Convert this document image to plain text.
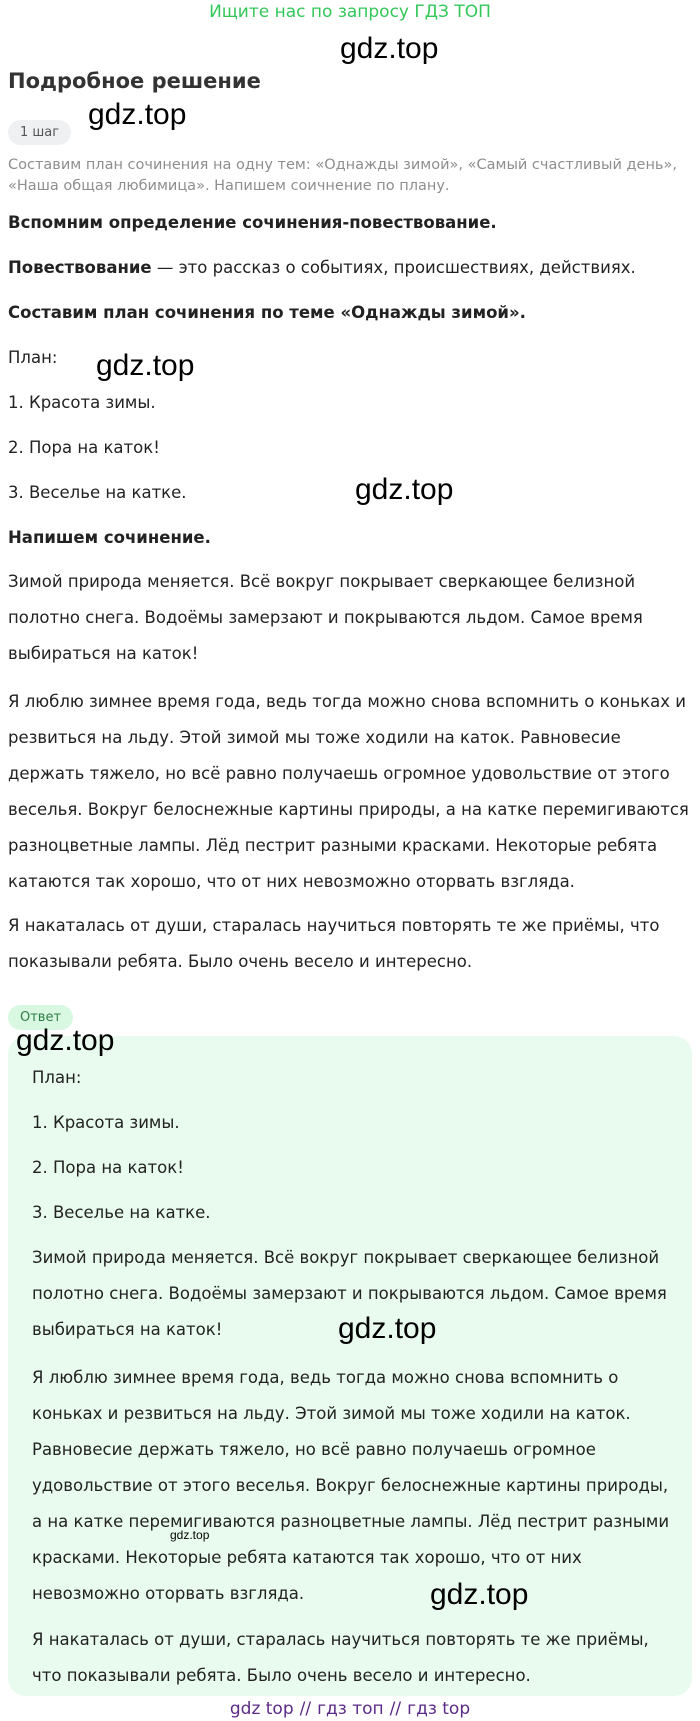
Ищите нас по запросу ГДЗ ТОП
gdz.top
gdz.top
gdz.top
gdz.top
Подробное решение
1 шаг

Составим план сочинения на одну тем: «Однажды зимой», «Самый счастливый день», «Наша общая любимица». Напишем соичнение по плану.

Вспомним определение сочинения-повествование.

Повествование — это рассказ о событиях, происшествиях, действиях.

Составим план сочинения по теме «Однажды зимой».

План:

1. Красота зимы.

2. Пора на каток!

3. Веселье на катке.

Напишем сочинение.

Зимой природа меняется. Всё вокруг покрывает сверкающее белизной полотно снега. Водоёмы замерзают и покрываются льдом. Самое время выбираться на каток!

Я люблю зимнее время года, ведь тогда можно снова вспомнить о коньках и резвиться на льду. Этой зимой мы тоже ходили на каток. Равновесие держать тяжело, но всё равно получаешь огромное удовольствие от этого веселья. Вокруг белоснежные картины природы, а на катке перемигиваются разноцветные лампы. Лёд пестрит разными красками. Некоторые ребята катаются так хорошо, что от них невозможно оторвать взгляда.

Я накаталась от души, старалась научиться повторять те же приёмы, что показывали ребята. Было очень весело и интересно.

Ответ
gdz.top
gdz.top
gdz.top

План:

1. Красота зимы.

2. Пора на каток!

3. Веселье на катке.

Зимой природа меняется. Всё вокруг покрывает сверкающее белизной полотно снега. Водоёмы замерзают и покрываются льдом. Самое время выбираться на каток!

Я люблю зимнее время года, ведь тогда можно снова вспомнить о коньках и резвиться на льду. Этой зимой мы тоже ходили на каток. Равновесие держать тяжело, но всё равно получаешь огромное удовольствие от этого веселья. Вокруг белоснежные картины природы, а на катке перемигиваются разноцветные лампы. Лёд пестрит разными красками. Некоторые ребята катаются так хорошо, что от них невозможно оторвать взгляда.

Я накаталась от души, старалась научиться повторять те же приёмы, что показывали ребята. Было очень весело и интересно.

gdz.top
gdz top // гдз топ // гдз top
